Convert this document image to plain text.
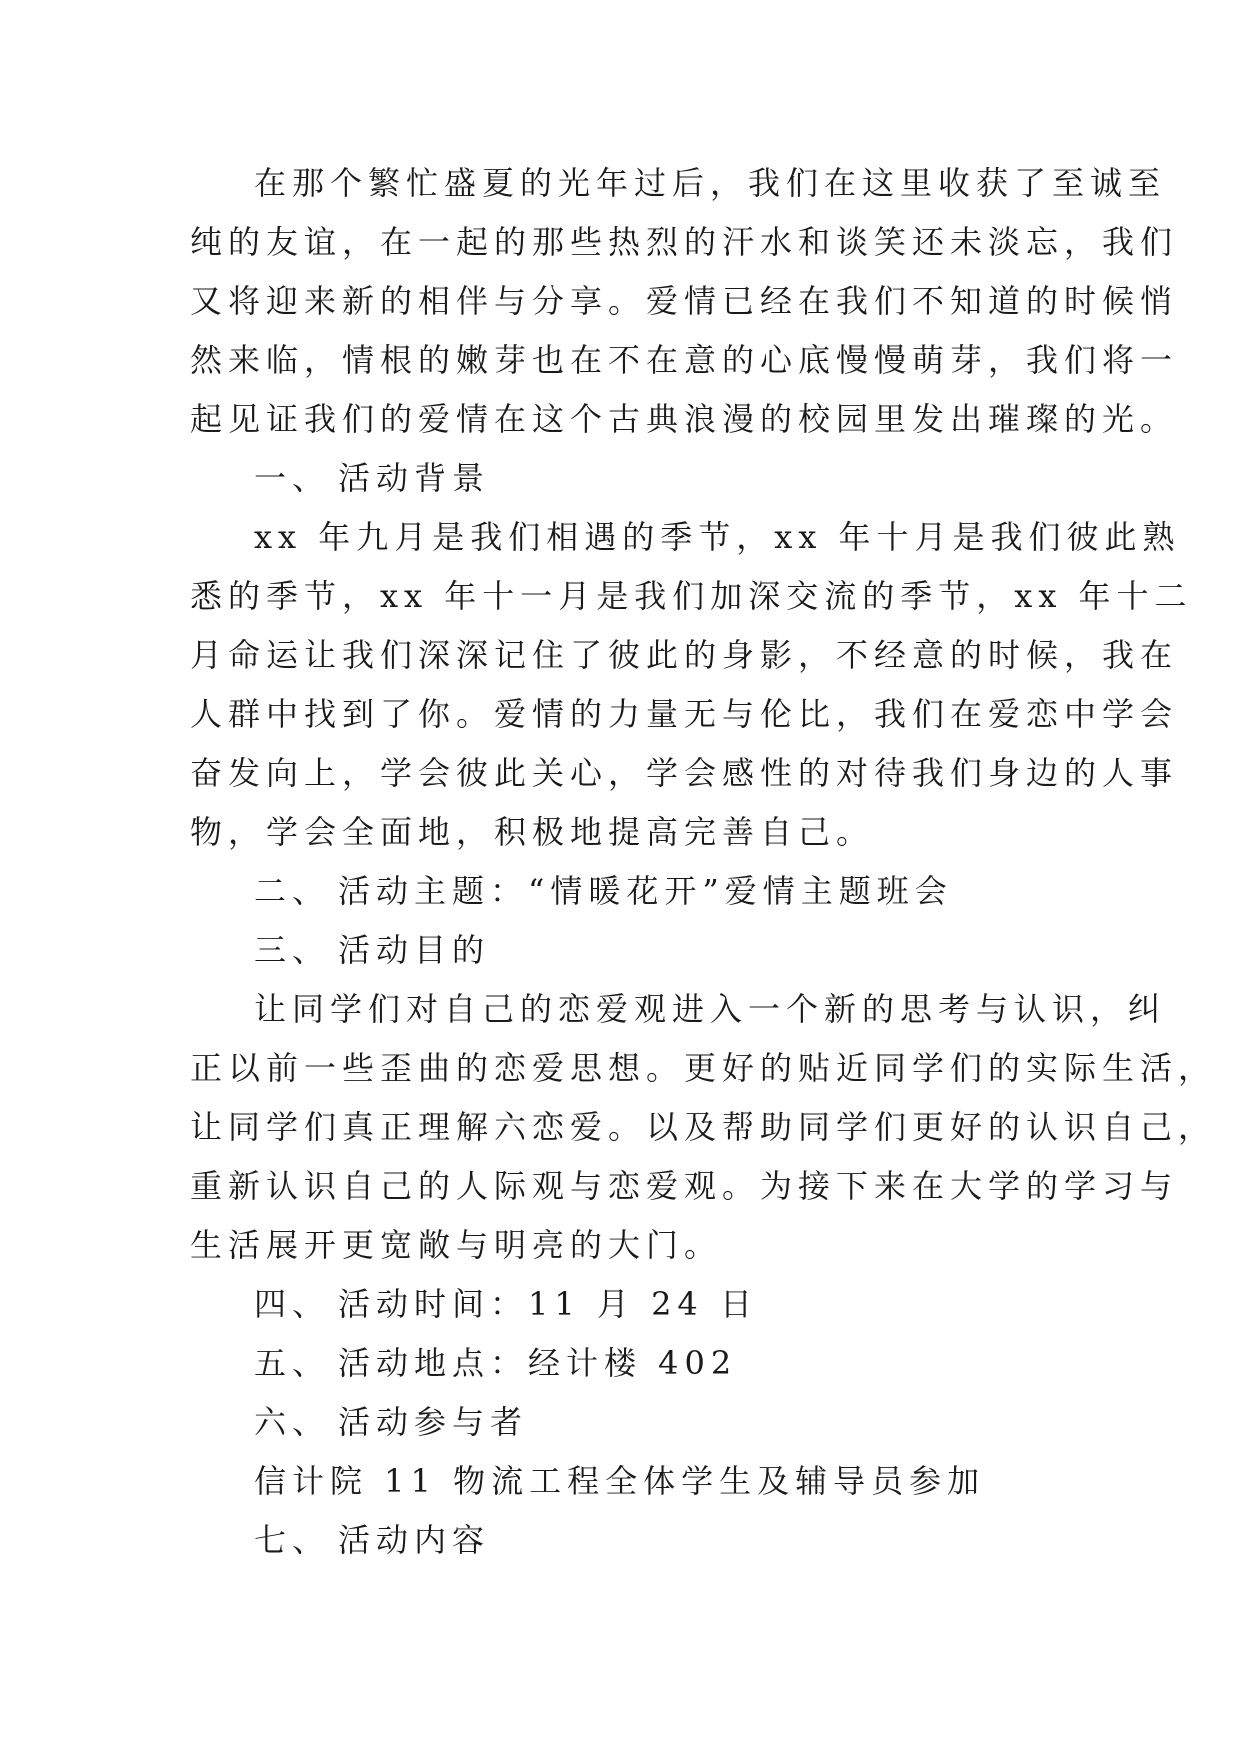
在那个繁忙盛夏的光年过后，我们在这里收获了至诚至
纯的友谊，在一起的那些热烈的汗水和谈笑还未淡忘，我们
又将迎来新的相伴与分享。爱情已经在我们不知道的时候悄
然来临，情根的嫩芽也在不在意的心底慢慢萌芽，我们将一
起见证我们的爱情在这个古典浪漫的校园里发出璀璨的光。
一、 活动背景
xx 年九月是我们相遇的季节，xx 年十月是我们彼此熟
悉的季节，xx 年十一月是我们加深交流的季节，xx 年十二
月命运让我们深深记住了彼此的身影，不经意的时候，我在
人群中找到了你。爱情的力量无与伦比，我们在爱恋中学会
奋发向上，学会彼此关心，学会感性的对待我们身边的人事
物，学会全面地，积极地提高完善自己。
二、 活动主题：“情暖花开”爱情主题班会
三、 活动目的
让同学们对自己的恋爱观进入一个新的思考与认识，纠
正以前一些歪曲的恋爱思想。更好的贴近同学们的实际生活，
让同学们真正理解六恋爱。以及帮助同学们更好的认识自己，
重新认识自己的人际观与恋爱观。为接下来在大学的学习与
生活展开更宽敞与明亮的大门。
四、 活动时间：11 月 24 日
五、 活动地点：经计楼 402
六、 活动参与者
信计院 11 物流工程全体学生及辅导员参加
七、 活动内容
